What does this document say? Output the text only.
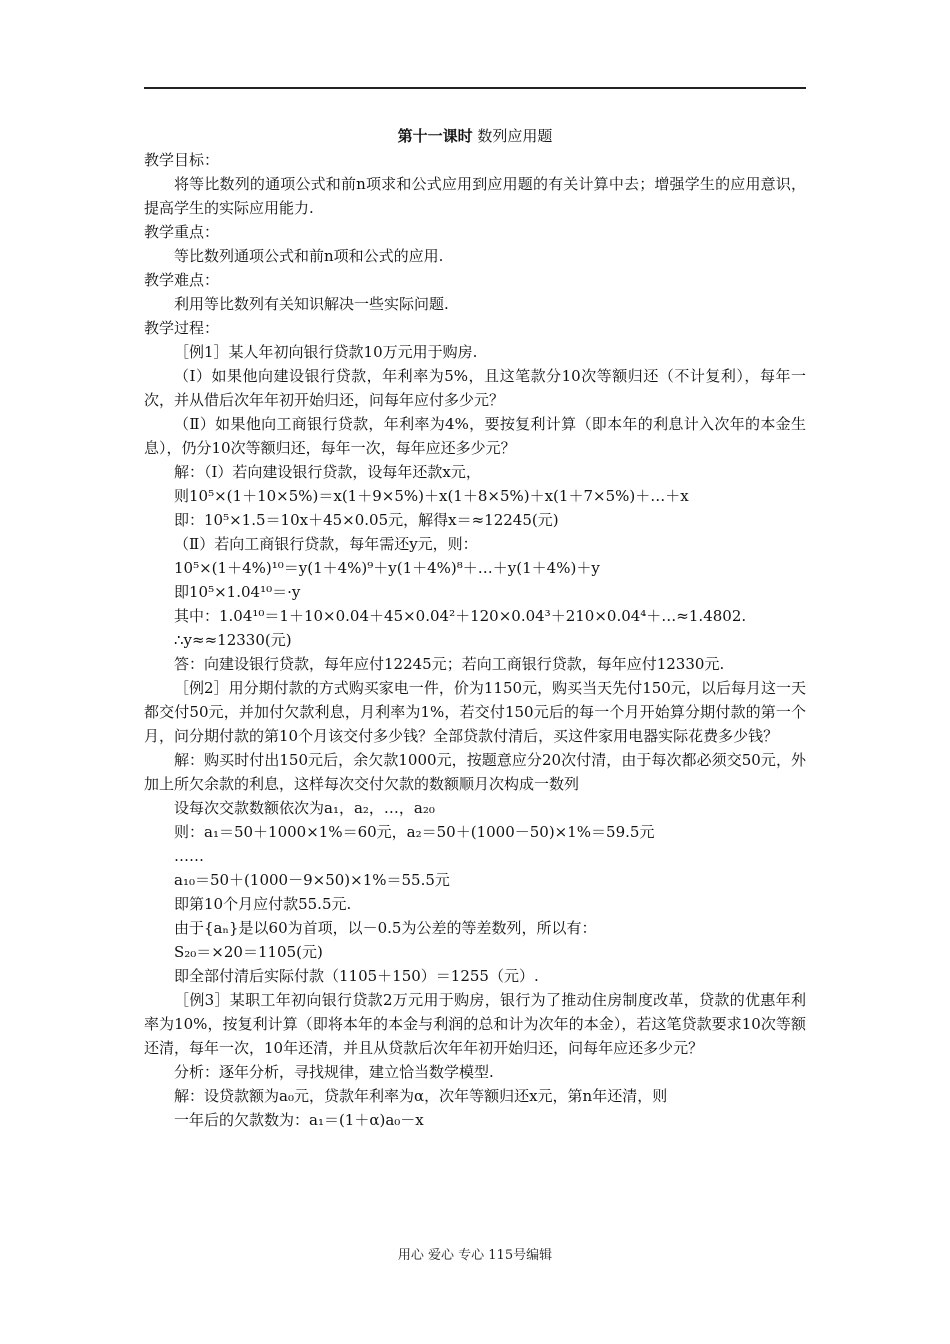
第十一课时 数列应用题

教学目标：

将等比数列的通项公式和前n项求和公式应用到应用题的有关计算中去；增强学生的应用意识，提高学生的实际应用能力.

教学重点：

等比数列通项公式和前n项和公式的应用.

教学难点：

利用等比数列有关知识解决一些实际问题.

教学过程：

［例1］某人年初向银行贷款10万元用于购房.

（Ⅰ）如果他向建设银行贷款，年利率为5%，且这笔款分10次等额归还（不计复利），每年一次，并从借后次年年初开始归还，问每年应付多少元？

（Ⅱ）如果他向工商银行贷款，年利率为4%，要按复利计算（即本年的利息计入次年的本金生息），仍分10次等额归还，每年一次，每年应还多少元？

解：（Ⅰ）若向建设银行贷款，设每年还款x元，

则10⁵×(1＋10×5%)＝x(1＋9×5%)＋x(1＋8×5%)＋x(1＋7×5%)＋…＋x

即：10⁵×1.5＝10x＋45×0.05元，解得x＝≈12245(元)

（Ⅱ）若向工商银行贷款，每年需还y元，则：

10⁵×(1＋4%)¹⁰＝y(1＋4%)⁹＋y(1＋4%)⁸＋…＋y(1＋4%)＋y

即10⁵×1.04¹⁰＝·y

其中：1.04¹⁰＝1＋10×0.04＋45×0.04²＋120×0.04³＋210×0.04⁴＋…≈1.4802.

∴y≈≈12330(元)

答：向建设银行贷款，每年应付12245元；若向工商银行贷款，每年应付12330元.

［例2］用分期付款的方式购买家电一件，价为1150元，购买当天先付150元，以后每月这一天都交付50元，并加付欠款利息，月利率为1%，若交付150元后的每一个月开始算分期付款的第一个月，问分期付款的第10个月该交付多少钱？全部贷款付清后，买这件家用电器实际花费多少钱？

解：购买时付出150元后，余欠款1000元，按题意应分20次付清，由于每次都必须交50元，外加上所欠余款的利息，这样每次交付欠款的数额顺月次构成一数列

设每次交款数额依次为a₁，a₂，…，a₂₀

则：a₁＝50＋1000×1%＝60元，a₂＝50＋(1000－50)×1%＝59.5元

……

a₁₀＝50＋(1000－9×50)×1%＝55.5元

即第10个月应付款55.5元.

由于{aₙ}是以60为首项，以－0.5为公差的等差数列，所以有：

S₂₀＝×20＝1105(元)

即全部付清后实际付款（1105＋150）＝1255（元）.

［例3］某职工年初向银行贷款2万元用于购房，银行为了推动住房制度改革，贷款的优惠年利率为10%，按复利计算（即将本年的本金与利润的总和计为次年的本金），若这笔贷款要求10次等额还清，每年一次，10年还清，并且从贷款后次年年初开始归还，问每年应还多少元？

分析：逐年分析，寻找规律，建立恰当数学模型.

解：设贷款额为a₀元，贷款年利率为α，次年等额归还x元，第n年还清，则

一年后的欠款数为：a₁＝(1＋α)a₀－x

用心 爱心 专心 115号编辑
